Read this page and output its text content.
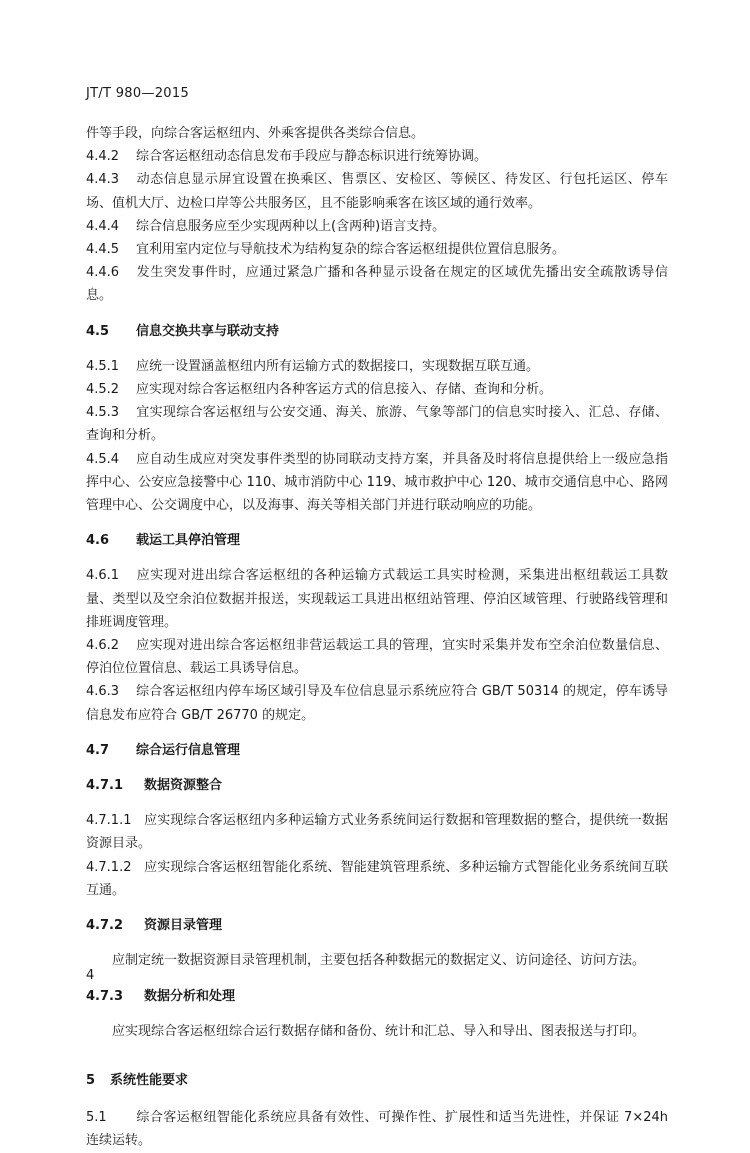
JT/T 980—2015

件等手段，向综合客运枢纽内、外乘客提供各类综合信息。

4.4.2 综合客运枢纽动态信息发布手段应与静态标识进行统筹协调。

4.4.3 动态信息显示屏宜设置在换乘区、售票区、安检区、等候区、待发区、行包托运区、停车场、值机大厅、边检口岸等公共服务区，且不能影响乘客在该区域的通行效率。

4.4.4 综合信息服务应至少实现两种以上(含两种)语言支持。

4.4.5 宜利用室内定位与导航技术为结构复杂的综合客运枢纽提供位置信息服务。

4.4.6 发生突发事件时，应通过紧急广播和各种显示设备在规定的区域优先播出安全疏散诱导信息。

4.5 信息交换共享与联动支持

4.5.1 应统一设置涵盖枢纽内所有运输方式的数据接口，实现数据互联互通。

4.5.2 应实现对综合客运枢纽内各种客运方式的信息接入、存储、查询和分析。

4.5.3 宜实现综合客运枢纽与公安交通、海关、旅游、气象等部门的信息实时接入、汇总、存储、查询和分析。

4.5.4 应自动生成应对突发事件类型的协同联动支持方案，并具备及时将信息提供给上一级应急指挥中心、公安应急接警中心 110、城市消防中心 119、城市救护中心 120、城市交通信息中心、路网管理中心、公交调度中心，以及海事、海关等相关部门并进行联动响应的功能。

4.6 载运工具停泊管理

4.6.1 应实现对进出综合客运枢纽的各种运输方式载运工具实时检测，采集进出枢纽载运工具数量、类型以及空余泊位数据并报送，实现载运工具进出枢纽站管理、停泊区域管理、行驶路线管理和排班调度管理。

4.6.2 应实现对进出综合客运枢纽非营运载运工具的管理，宜实时采集并发布空余泊位数量信息、停泊位位置信息、载运工具诱导信息。

4.6.3 综合客运枢纽内停车场区域引导及车位信息显示系统应符合 GB/T 50314 的规定，停车诱导信息发布应符合 GB/T 26770 的规定。

4.7 综合运行信息管理

4.7.1 数据资源整合

4.7.1.1 应实现综合客运枢纽内多种运输方式业务系统间运行数据和管理数据的整合，提供统一数据资源目录。

4.7.1.2 应实现综合客运枢纽智能化系统、智能建筑管理系统、多种运输方式智能化业务系统间互联互通。

4.7.2 资源目录管理

应制定统一数据资源目录管理机制，主要包括各种数据元的数据定义、访问途径、访问方法。

4.7.3 数据分析和处理

应实现综合客运枢纽综合运行数据存储和备份、统计和汇总、导入和导出、图表报送与打印。

5 系统性能要求

5.1 综合客运枢纽智能化系统应具备有效性、可操作性、扩展性和适当先进性，并保证 7×24h 连续运转。

4
